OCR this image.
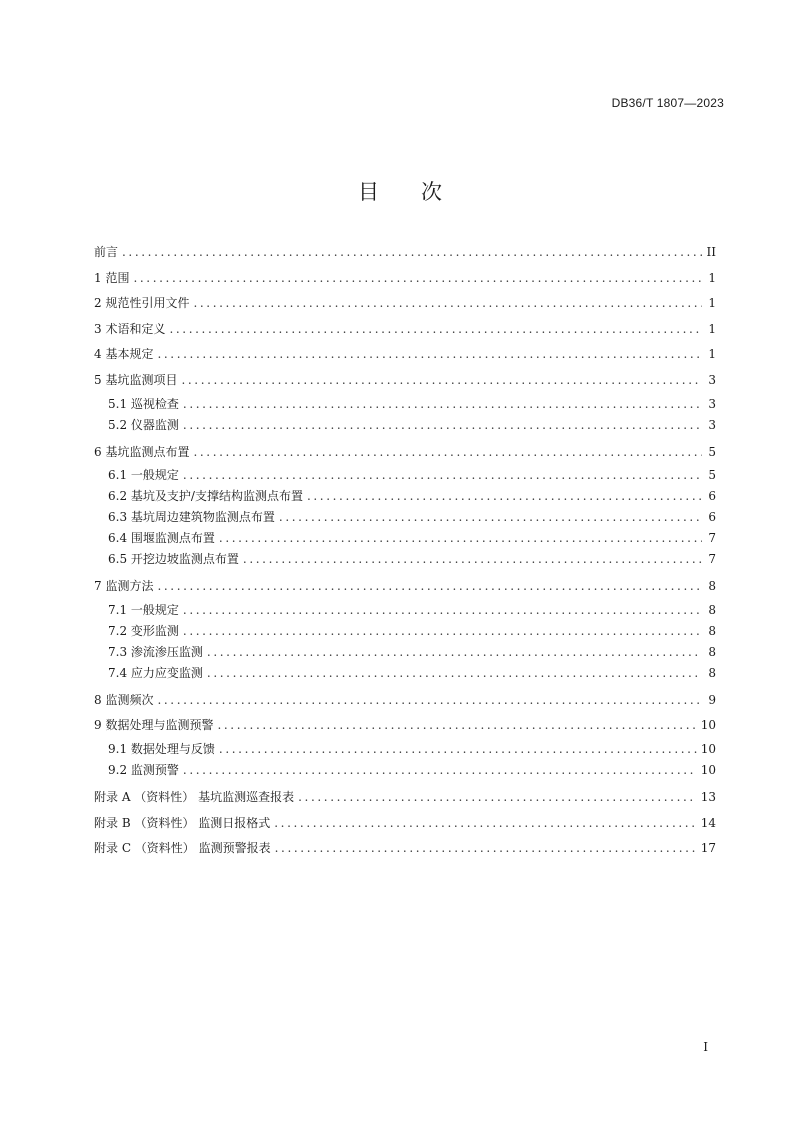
DB36/T 1807—2023
目　　次
前言 .....	II
1 范围 .....	1
2 规范性引用文件 .....	1
3 术语和定义 .....	1
4 基本规定 .....	1
5 基坑监测项目 .....	3
5.1 巡视检查 .....	3
5.2 仪器监测 .....	3
6 基坑监测点布置 .....	5
6.1 一般规定 .....	5
6.2 基坑及支护/支撑结构监测点布置 .....	6
6.3 基坑周边建筑物监测点布置 .....	6
6.4 围堰监测点布置 .....	7
6.5 开挖边坡监测点布置 .....	7
7 监测方法 .....	8
7.1 一般规定 .....	8
7.2 变形监测 .....	8
7.3 渗流渗压监测 .....	8
7.4 应力应变监测 .....	8
8 监测频次 .....	9
9 数据处理与监测预警 .....	10
9.1 数据处理与反馈 .....	10
9.2 监测预警 .....	10
附录 A （资料性） 基坑监测巡查报表 .....	13
附录 B （资料性） 监测日报格式 .....	14
附录 C （资料性） 监测预警报表 .....	17
I
